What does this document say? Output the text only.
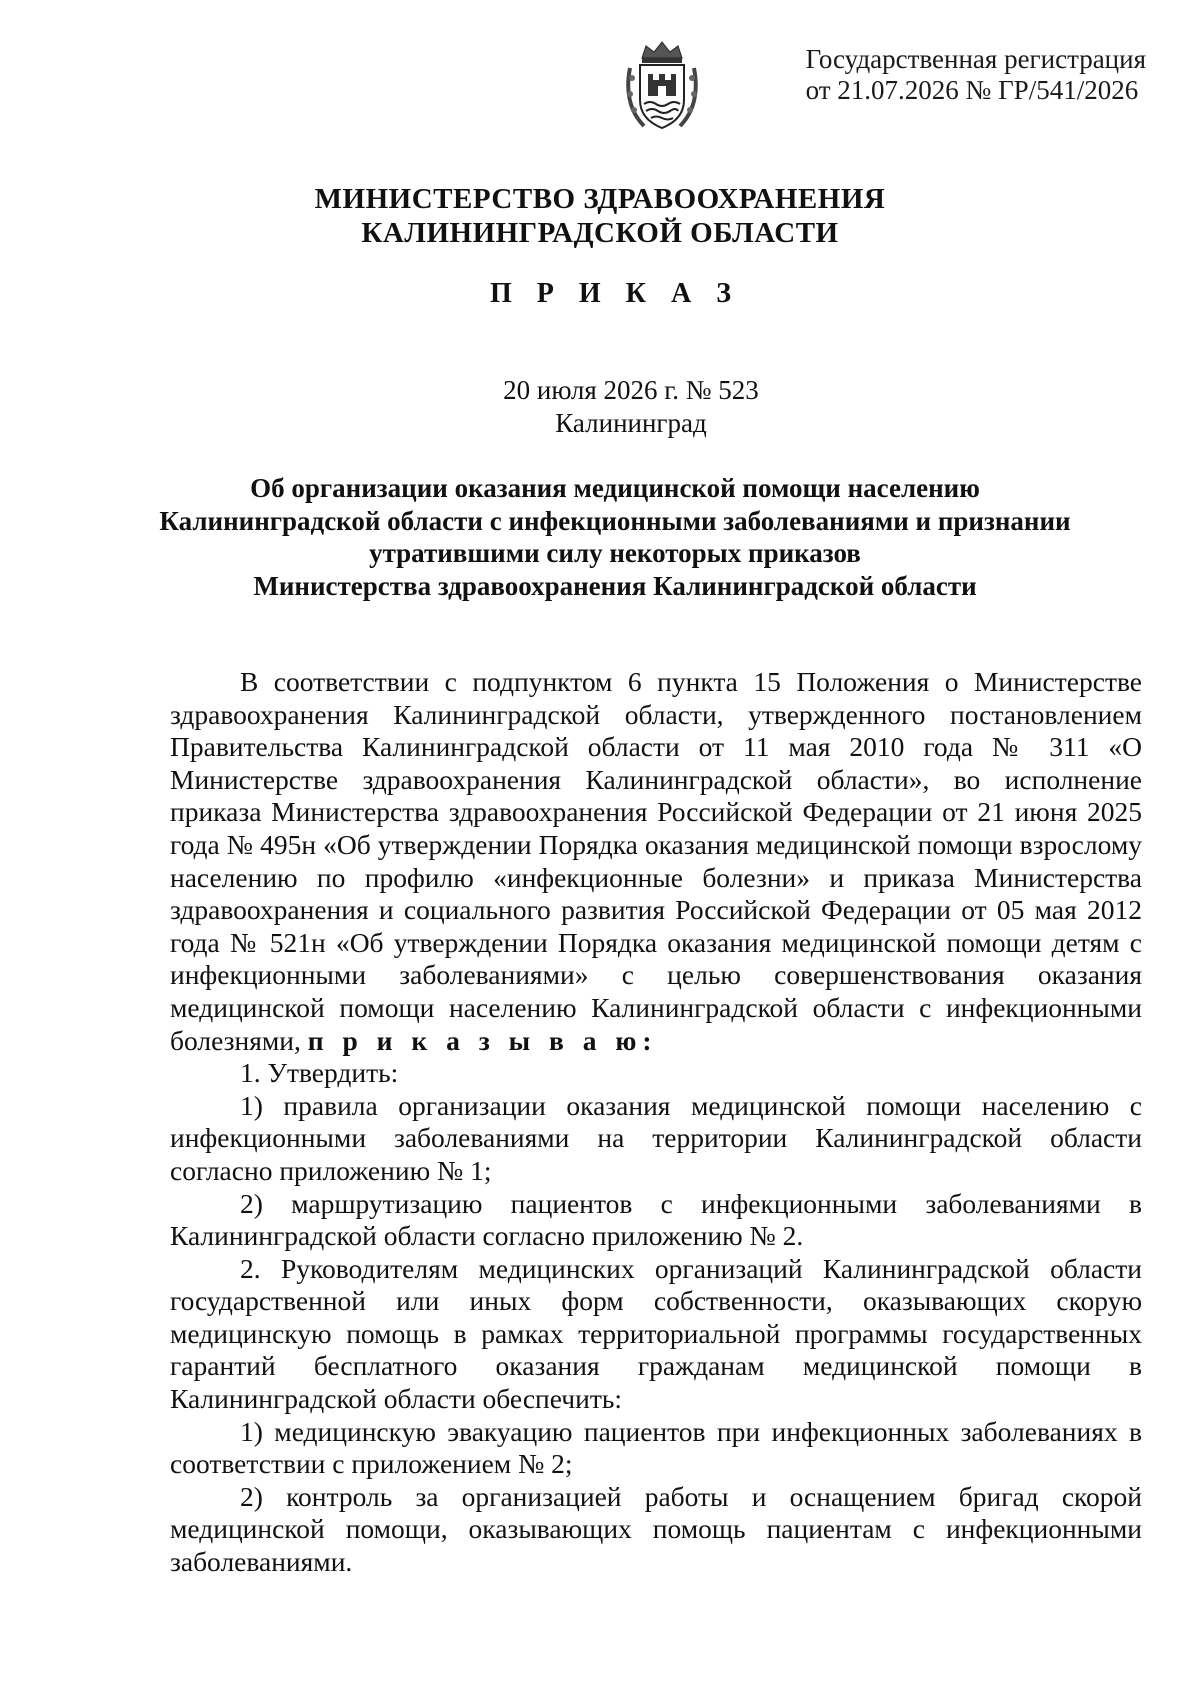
Государственная регистрация
от 21.07.2026 № ГР/541/2026
МИНИСТЕРСТВО ЗДРАВООХРАНЕНИЯ
КАЛИНИНГРАДСКОЙ ОБЛАСТИ
П Р И К А З
20 июля 2026 г. № 523
Калининград
Об организации оказания медицинской помощи населению
Калининградской области с инфекционными заболеваниями и признании
утратившими силу некоторых приказов
Министерства здравоохранения Калининградской области

В соответствии с подпунктом 6 пункта 15 Положения о Министерстве здравоохранения Калининградской области, утвержденного постановлением Правительства Калининградской области от 11 мая 2010 года № 311 «О Министерстве здравоохранения Калининградской области», во исполнение приказа Министерства здравоохранения Российской Федерации от 21 июня 2025 года № 495н «Об утверждении Порядка оказания медицинской помощи взрослому населению по профилю «инфекционные болезни» и приказа Министерства здравоохранения и социального развития Российской Федерации от 05 мая 2012 года № 521н «Об утверждении Порядка оказания медицинской помощи детям с инфекционными заболеваниями» с целью совершенствования оказания медицинской помощи населению Калининградской области с инфекционными болезнями, п р и к а з ы в а ю:

1. Утвердить:

1) правила организации оказания медицинской помощи населению с инфекционными заболеваниями на территории Калининградской области согласно приложению № 1;

2) маршрутизацию пациентов с инфекционными заболеваниями в Калининградской области согласно приложению № 2.

2. Руководителям медицинских организаций Калининградской области государственной или иных форм собственности, оказывающих скорую медицинскую помощь в рамках территориальной программы государственных гарантий бесплатного оказания гражданам медицинской помощи в Калининградской области обеспечить:

1) медицинскую эвакуацию пациентов при инфекционных заболеваниях в соответствии с приложением № 2;

2) контроль за организацией работы и оснащением бригад скорой медицинской помощи, оказывающих помощь пациентам с инфекционными заболеваниями.
